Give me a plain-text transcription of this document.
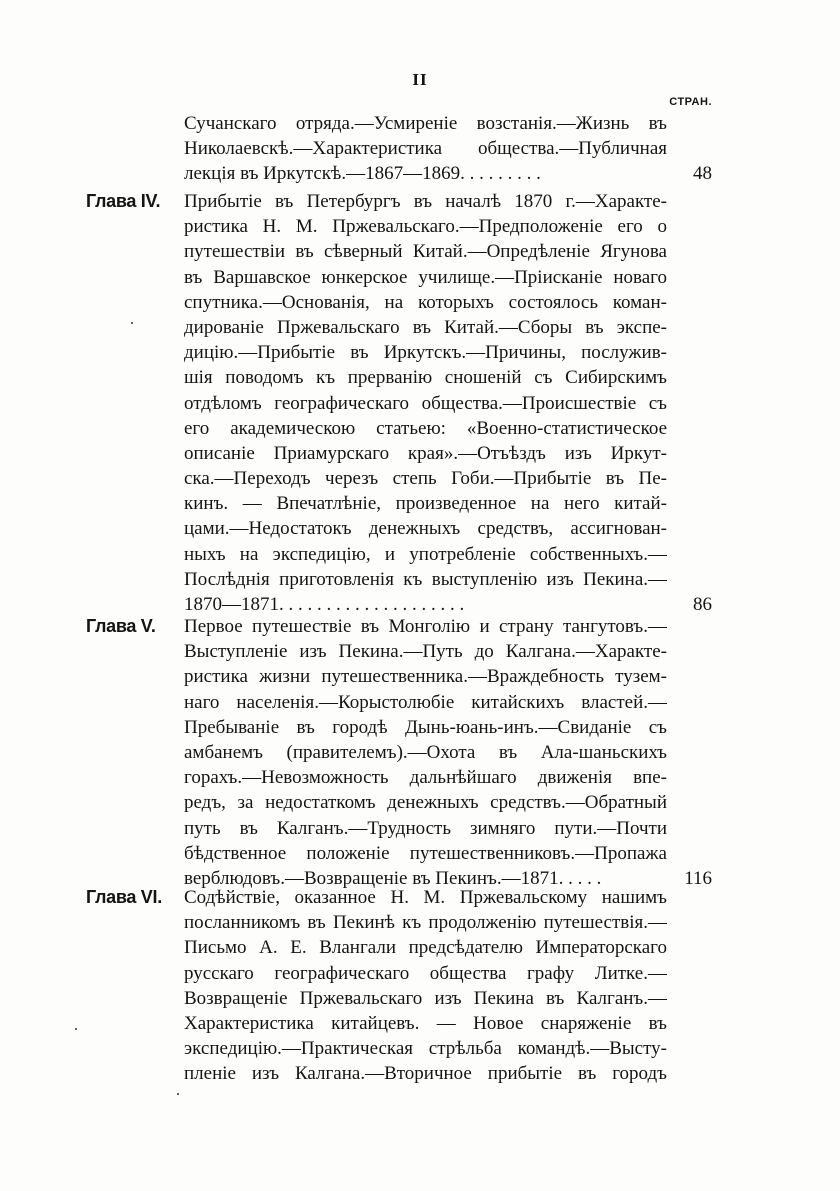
II
СТРАН.
Сучанскаго отряда.—Усмиреніе возстанія.—Жизнь въ
Николаевскѣ.—Характеристика общества.—Публичная
лекція въ Иркутскѣ.—1867—1869. . . . . . . . .	48
Глава IV. Прибытіе въ Петербургъ въ началѣ 1870 г.—Характе-
ристика Н. М. Пржевальскаго.—Предположеніе его о
путешествіи въ сѣверный Китай.—Опредѣленіе Ягунова
въ Варшавское юнкерское училище.—Пріисканіе новаго
спутника.—Основанія, на которыхъ состоялось коман-
дированіе Пржевальскаго въ Китай.—Сборы въ экспе-
дицію.—Прибытіе въ Иркутскъ.—Причины, послужив-
шія поводомъ къ прерванію сношеній съ Сибирскимъ
отдѣломъ географическаго общества.—Происшествіе съ
его академическою статьею: «Военно-статистическое
описаніе Приамурскаго края».—Отъѣздъ изъ Иркут-
ска.—Переходъ черезъ степь Гоби.—Прибытіе въ Пе-
кинъ. — Впечатлѣніе, произведенное на него китай-
цами.—Недостатокъ денежныхъ средствъ, ассигнован-
ныхъ на экспедицію, и употребленіе собственныхъ.—
Послѣднія приготовленія къ выступленію изъ Пекина.—
1870—1871. . . . . . . . . . . . . . . . . . . .	86
Глава V. Первое путешествіе въ Монголію и страну тангутовъ.—
Выступленіе изъ Пекина.—Путь до Калгана.—Характе-
ристика жизни путешественника.—Враждебность тузем-
наго населенія.—Корыстолюбіе китайскихъ властей.—
Пребываніе въ городѣ Дынь-юань-инъ.—Свиданіе съ
амбанемъ (правителемъ).—Охота въ Ала-шаньскихъ
горахъ.—Невозможность дальнѣйшаго движенія впе-
редъ, за недостаткомъ денежныхъ средствъ.—Обратный
путь въ Калганъ.—Трудность зимняго пути.—Почти
бѣдственное положеніе путешественниковъ.—Пропажа
верблюдовъ.—Возвращеніе въ Пекинъ.—1871. . . . .	116
Глава VI. Содѣйствіе, оказанное Н. М. Пржевальскому нашимъ
посланникомъ въ Пекинѣ къ продолженію путешествія.—
Письмо А. Е. Влангали предсѣдателю Императорскаго
русскаго географическаго общества графу Литке.—
Возвращеніе Пржевальскаго изъ Пекина въ Калганъ.—
Характеристика китайцевъ. — Новое снаряженіе въ
экспедицію.—Практическая стрѣльба командѣ.—Высту-
пленіе изъ Калгана.—Вторичное прибытіе въ городъ
